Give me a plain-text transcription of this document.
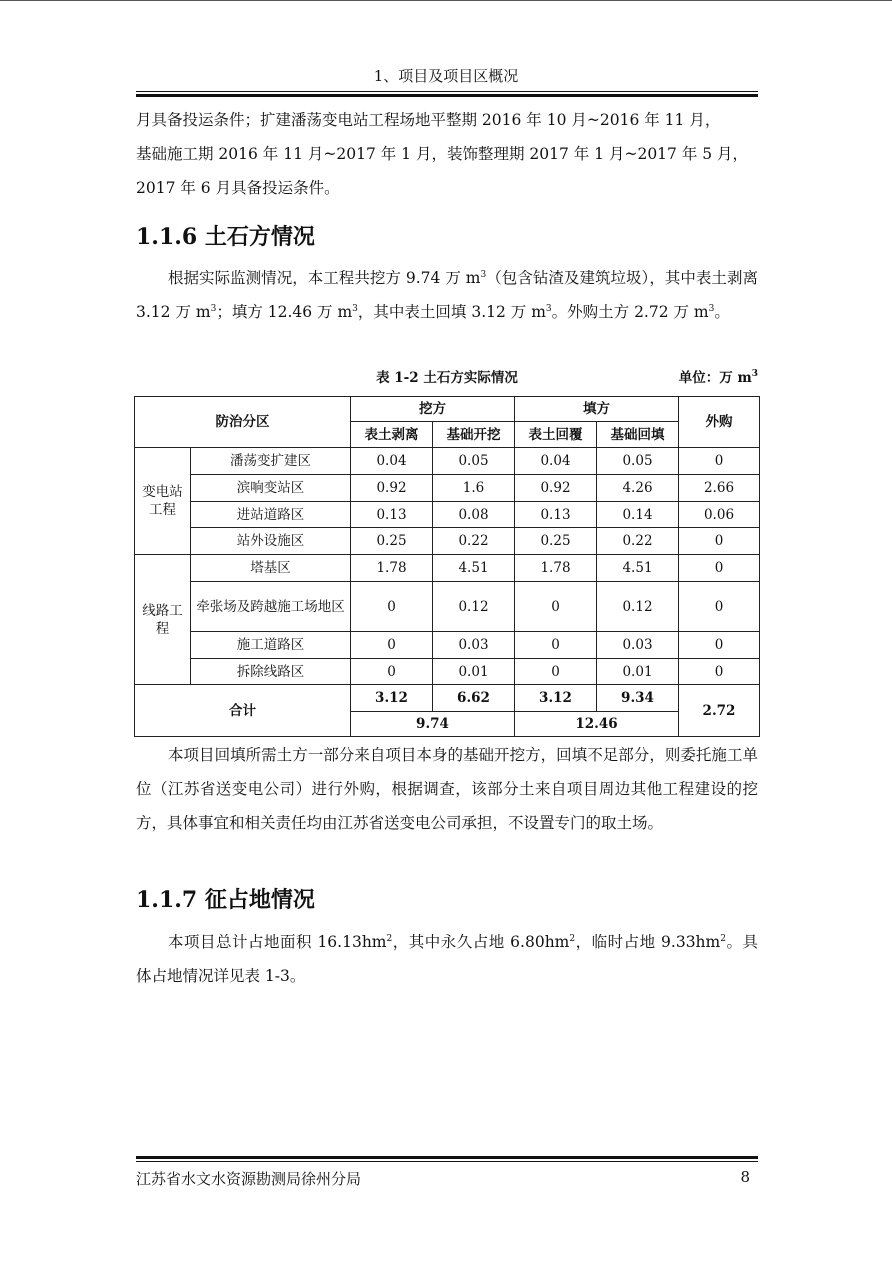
1、项目及项目区概况
月具备投运条件；扩建潘荡变电站工程场地平整期 2016 年 10 月~2016 年 11 月，
基础施工期 2016 年 11 月~2017 年 1 月，装饰整理期 2017 年 1 月~2017 年 5 月，
2017 年 6 月具备投运条件。
1.1.6 土石方情况

根据实际监测情况，本工程共挖方 9.74 万 $m^3$（包含钻渣及建筑垃圾），其中表土剥离 3.12 万 $m^3$；填方 12.46 万 $m^3$，其中表土回填 3.12 万 $m^3$。外购土方 2.72 万 $m^3$。

表 1-2 土石方实际情况	单位：万 $m^3$
防治分区		挖方		填方		外购
		表土剥离	基础开挖	表土回覆	基础回填	
变电站工程	潘荡变扩建区	0.04	0.05	0.04	0.05	0
	滨响变站区	0.92	1.6	0.92	4.26	2.66
	进站道路区	0.13	0.08	0.13	0.14	0.06
	站外设施区	0.25	0.22	0.25	0.22	0
线路工程	塔基区	1.78	4.51	1.78	4.51	0
	牵张场及跨越施工场地区	0	0.12	0	0.12	0
	施工道路区	0	0.03	0	0.03	0
	拆除线路区	0	0.01	0	0.01	0
合计		3.12	6.62	3.12	9.34	2.72
		9.74		12.46		

本项目回填所需土方一部分来自项目本身的基础开挖方，回填不足部分，则委托施工单位（江苏省送变电公司）进行外购，根据调查，该部分土来自项目周边其他工程建设的挖方，具体事宜和相关责任均由江苏省送变电公司承担，不设置专门的取土场。

1.1.7 征占地情况

本项目总计占地面积 $16.13hm^2$，其中永久占地 $6.80hm^2$，临时占地 $9.33hm^2$。具体占地情况详见表 1-3。

江苏省水文水资源勘测局徐州分局	8
